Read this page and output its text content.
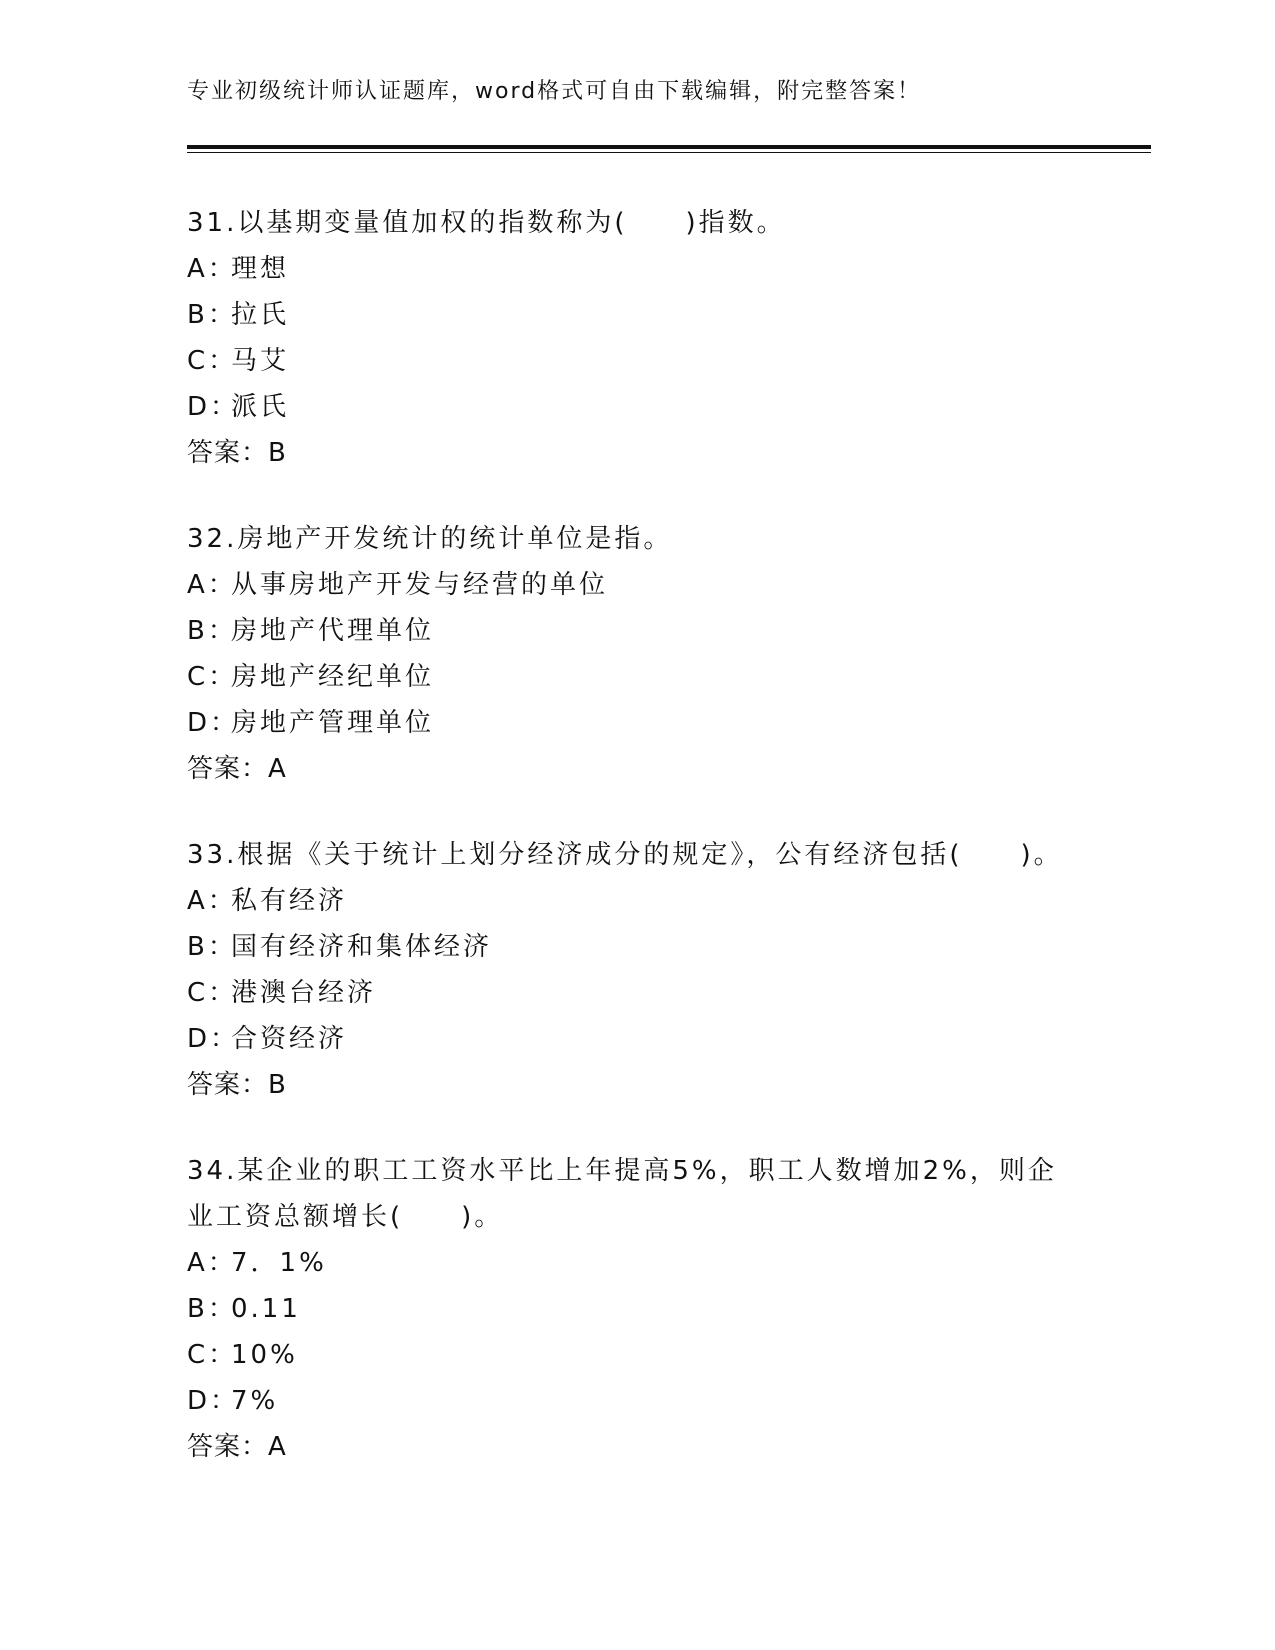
专业初级统计师认证题库，word格式可自由下载编辑，附完整答案！

31.以基期变量值加权的指数称为(　　)指数。

A：
理想
B：
拉氏
C：
马艾
D：
派氏
答案：B

32.房地产开发统计的统计单位是指。

A：
从事房地产开发与经营的单位
B：
房地产代理单位
C：
房地产经纪单位
D：
房地产管理单位
答案：A

33.根据《关于统计上划分经济成分的规定》，公有经济包括(　　)。

A：
私有经济
B：
国有经济和集体经济
C：
港澳台经济
D：
合资经济
答案：B

34.某企业的职工工资水平比上年提高5%，职工人数增加2%，则企
业工资总额增长(　　)。

A：
7．1%
B：
0.11
C：
10%
D：
7%
答案：A
